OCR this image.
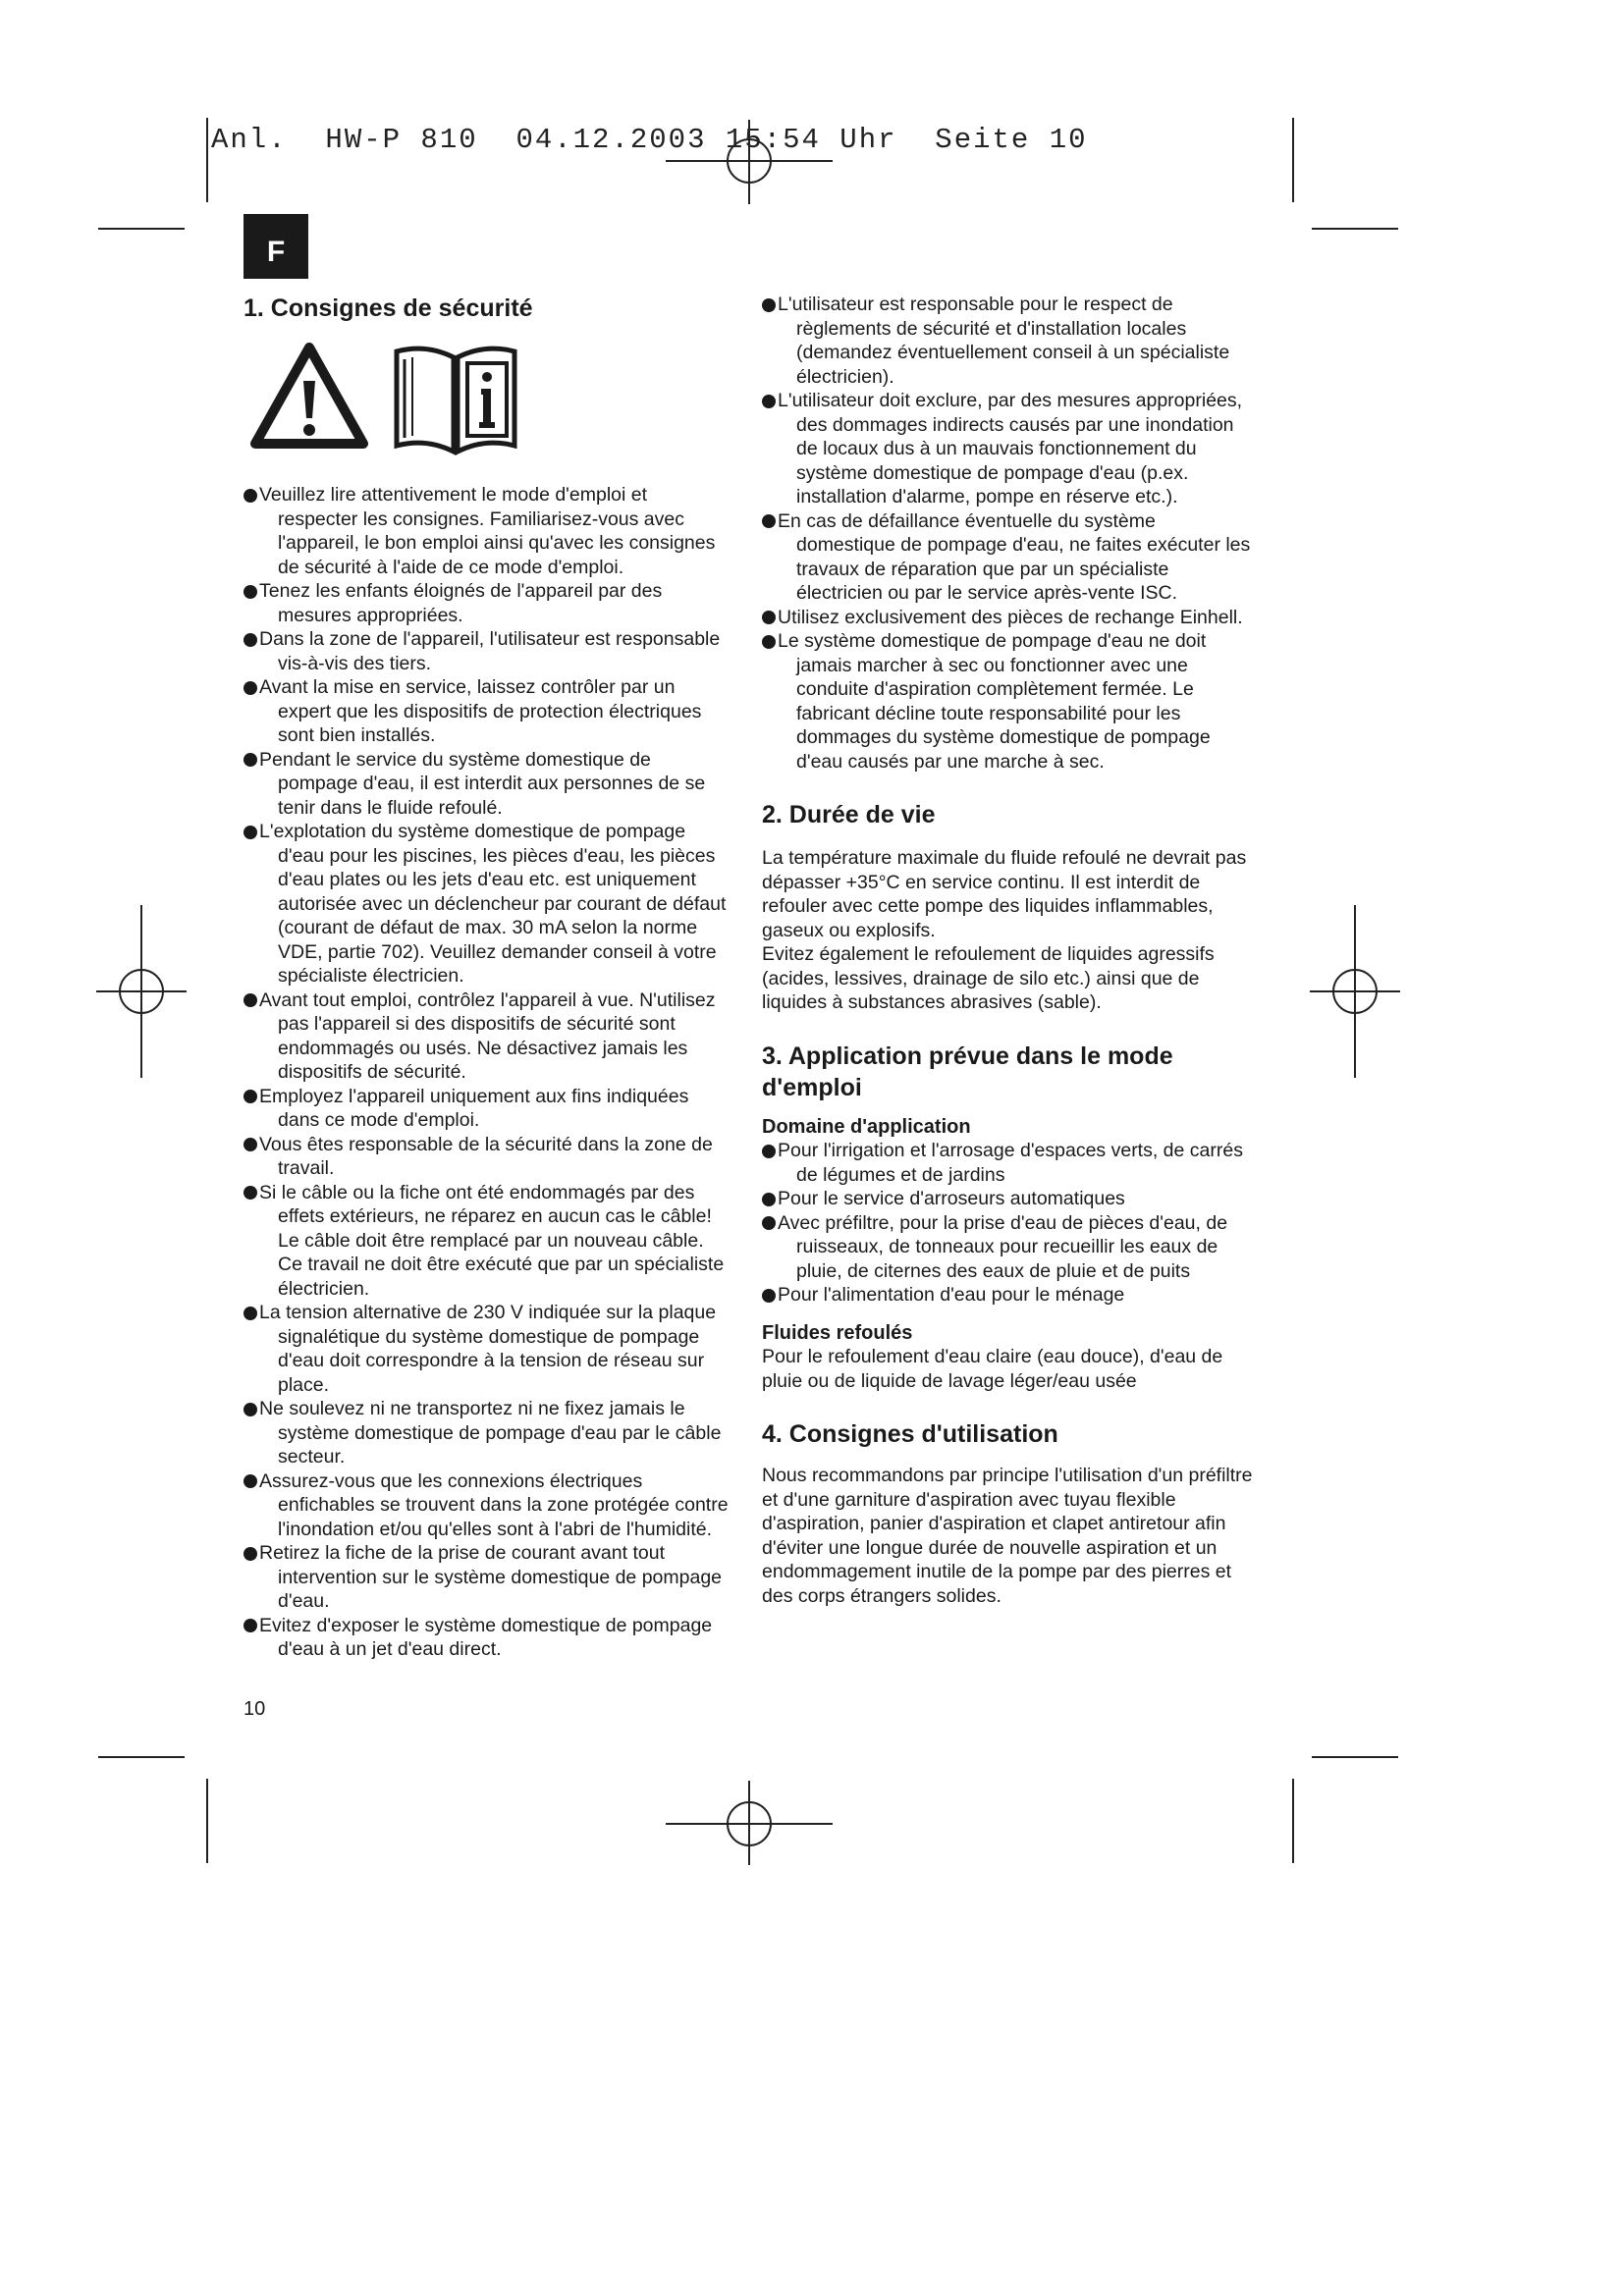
Anl.  HW-P 810  04.12.2003 15:54 Uhr  Seite 10
F
1. Consignes de sécurité

Veuillez lire attentivement le mode d'emploi et respecter les consignes. Familiarisez-vous avec l'appareil, le bon emploi ainsi qu'avec les consignes de sécurité à l'aide de ce mode d'emploi.

Tenez les enfants éloignés de l'appareil par des mesures appropriées.

Dans la zone de l'appareil, l'utilisateur est responsable vis-à-vis des tiers.

Avant la mise en service, laissez contrôler par un expert que les dispositifs de protection électriques sont bien installés.

Pendant le service du système domestique de pompage d'eau, il est interdit aux personnes de se tenir dans le fluide refoulé.

L'explotation du système domestique de pompage d'eau pour les piscines, les pièces d'eau, les pièces d'eau plates ou les jets d'eau etc. est uniquement autorisée avec un déclencheur par courant de défaut (courant de défaut de max. 30 mA selon la norme VDE, partie 702). Veuillez demander conseil à votre spécialiste électricien.

Avant tout emploi, contrôlez l'appareil à vue. N'utilisez pas l'appareil si des dispositifs de sécurité sont endommagés ou usés. Ne désactivez jamais les dispositifs de sécurité.

Employez l'appareil uniquement aux fins indiquées dans ce mode d'emploi.

Vous êtes responsable de la sécurité dans la zone de travail.

Si le câble ou la fiche ont été endommagés par des effets extérieurs, ne réparez en aucun cas le câble! Le câble doit être remplacé par un nouveau câble. Ce travail ne doit être exécuté que par un spécialiste électricien.

La tension alternative de 230 V indiquée sur la plaque signalétique du système domestique de pompage d'eau doit correspondre à la tension de réseau sur place.

Ne soulevez ni ne transportez ni ne fixez jamais le système domestique de pompage d'eau par le câble secteur.

Assurez-vous que les connexions électriques enfichables se trouvent dans la zone protégée contre l'inondation et/ou qu'elles sont à l'abri de l'humidité.

Retirez la fiche de la prise de courant avant tout intervention sur le système domestique de pompage d'eau.

Evitez d'exposer le système domestique de pompage d'eau à un jet d'eau direct.

L'utilisateur est responsable pour le respect de règlements de sécurité et d'installation locales (demandez éventuellement conseil à un spécialiste électricien).

L'utilisateur doit exclure, par des mesures appropriées, des dommages indirects causés par une inondation de locaux dus à un mauvais fonctionnement du système domestique de pompage d'eau (p.ex. installation d'alarme, pompe en réserve etc.).

En cas de défaillance éventuelle du système domestique de pompage d'eau, ne faites exécuter les travaux de réparation que par un spécialiste électricien ou par le service après-vente ISC.

Utilisez exclusivement des pièces de rechange Einhell.

Le système domestique de pompage d'eau ne doit jamais marcher à sec ou fonctionner avec une conduite d'aspiration complètement fermée. Le fabricant décline toute responsabilité pour les dommages du système domestique de pompage d'eau causés par une marche à sec.

2. Durée de vie

La température maximale du fluide refoulé ne devrait pas dépasser +35°C en service continu. Il est interdit de refouler avec cette pompe des liquides inflammables, gaseux ou explosifs.

Evitez également le refoulement de liquides agressifs (acides, lessives, drainage de silo etc.) ainsi que de liquides à substances abrasives (sable).

3. Application prévue dans le mode d'emploi
Domaine d'application

Pour l'irrigation et l'arrosage d'espaces verts, de carrés de légumes et de jardins

Pour le service d'arroseurs automatiques

Avec préfiltre, pour la prise d'eau de pièces d'eau, de ruisseaux, de tonneaux pour recueillir les eaux de pluie, de citernes des eaux de pluie et de puits

Pour l'alimentation d'eau pour le ménage

Fluides refoulés

Pour le refoulement d'eau claire (eau douce), d'eau de pluie ou de liquide de lavage léger/eau usée

4. Consignes d'utilisation

Nous recommandons par principe l'utilisation d'un préfiltre et d'une garniture d'aspiration avec tuyau flexible d'aspiration, panier d'aspiration et clapet antiretour afin d'éviter une longue durée de nouvelle aspiration et un endommagement inutile de la pompe par des pierres et des corps étrangers solides.

10
